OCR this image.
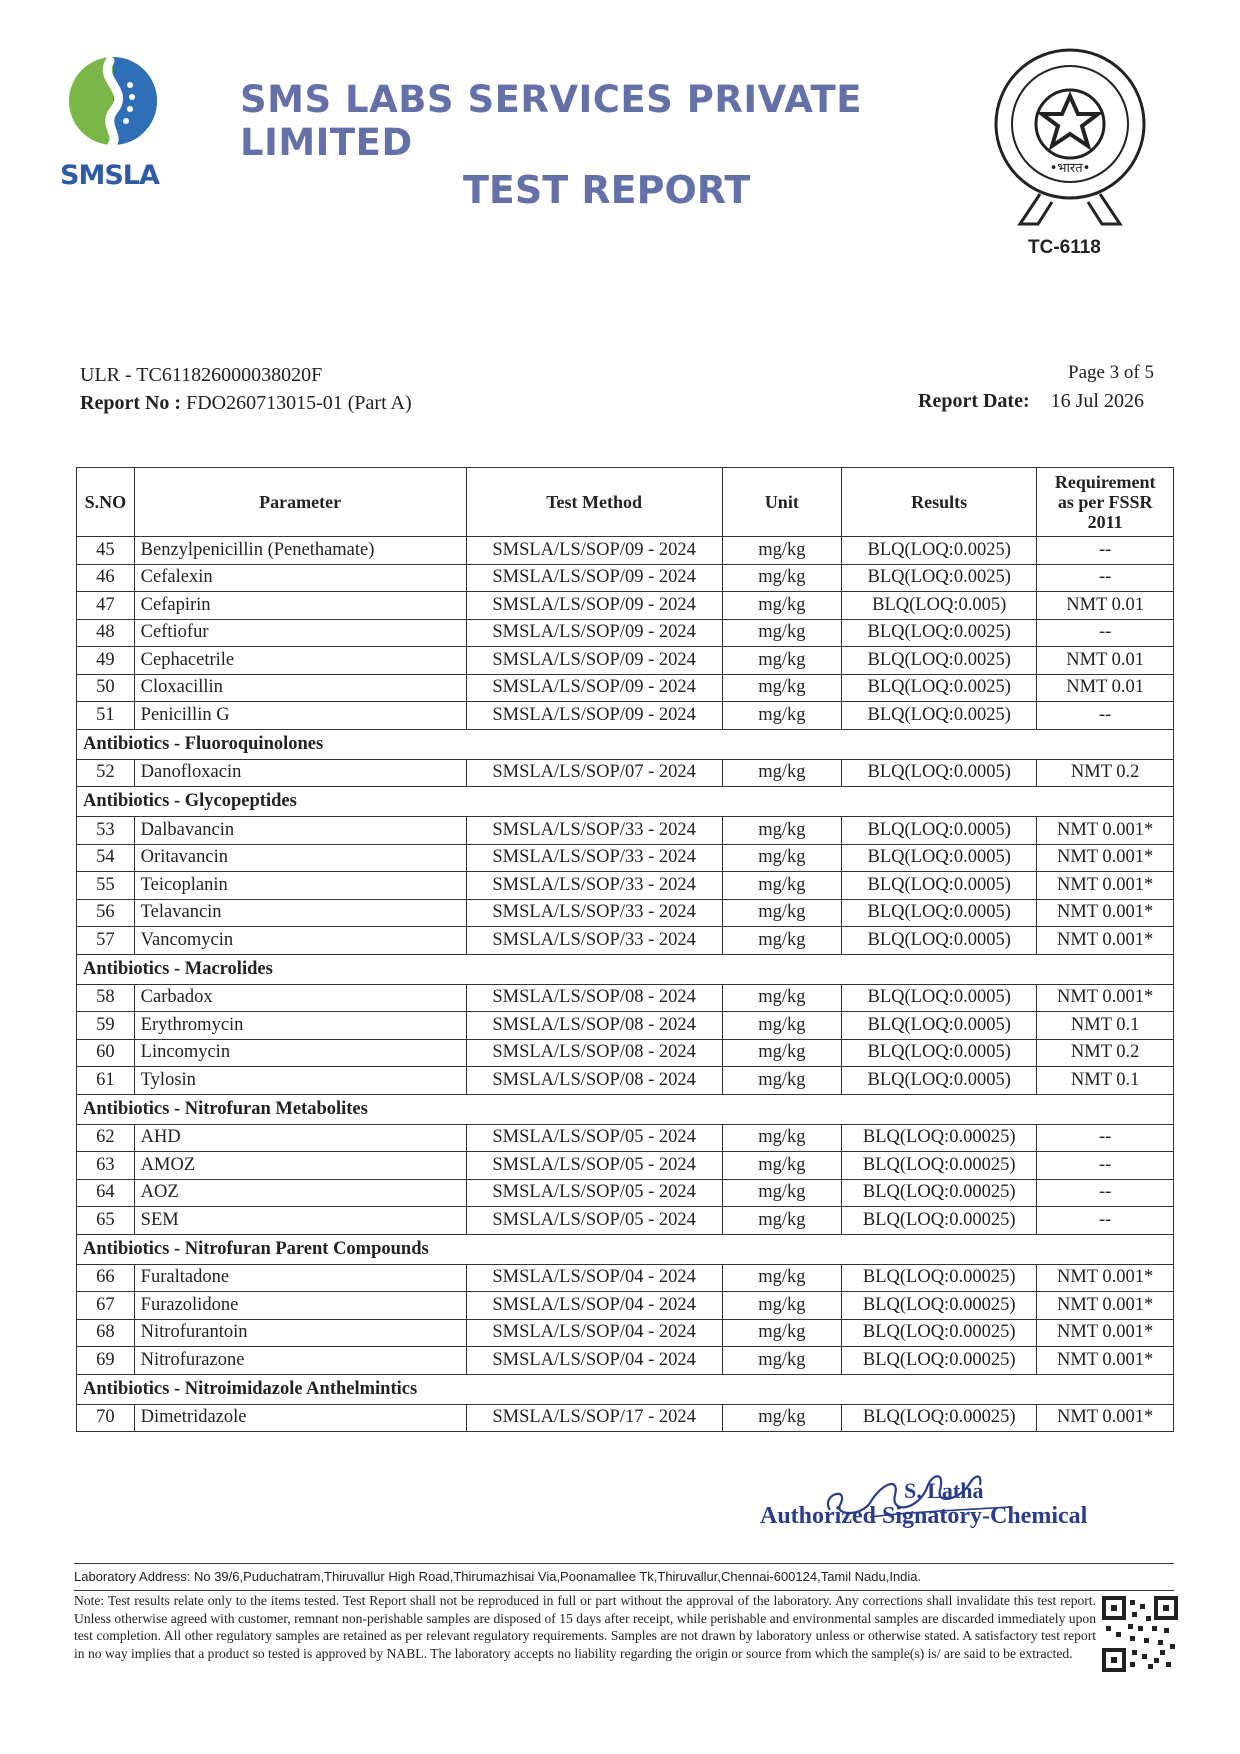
SMSLA
SMS LABS SERVICES PRIVATE LIMITED
TEST REPORT	•भारत•
TC-6118
ULR - TC611826000038020F
Report No : FDO260713015-01 (Part A)
Page 3 of 5
Report Date: 16 Jul 2026
S.NO	Parameter	Test Method	Unit	Results	Requirement
as per FSSR
2011
45	Benzylpenicillin (Penethamate)	SMSLA/LS/SOP/09 - 2024	mg/kg	BLQ(LOQ:0.0025)	--
46	Cefalexin	SMSLA/LS/SOP/09 - 2024	mg/kg	BLQ(LOQ:0.0025)	--
47	Cefapirin	SMSLA/LS/SOP/09 - 2024	mg/kg	BLQ(LOQ:0.005)	NMT 0.01
48	Ceftiofur	SMSLA/LS/SOP/09 - 2024	mg/kg	BLQ(LOQ:0.0025)	--
49	Cephacetrile	SMSLA/LS/SOP/09 - 2024	mg/kg	BLQ(LOQ:0.0025)	NMT 0.01
50	Cloxacillin	SMSLA/LS/SOP/09 - 2024	mg/kg	BLQ(LOQ:0.0025)	NMT 0.01
51	Penicillin G	SMSLA/LS/SOP/09 - 2024	mg/kg	BLQ(LOQ:0.0025)	--
Antibiotics - Fluoroquinolones					
52	Danofloxacin	SMSLA/LS/SOP/07 - 2024	mg/kg	BLQ(LOQ:0.0005)	NMT 0.2
Antibiotics - Glycopeptides					
53	Dalbavancin	SMSLA/LS/SOP/33 - 2024	mg/kg	BLQ(LOQ:0.0005)	NMT 0.001*
54	Oritavancin	SMSLA/LS/SOP/33 - 2024	mg/kg	BLQ(LOQ:0.0005)	NMT 0.001*
55	Teicoplanin	SMSLA/LS/SOP/33 - 2024	mg/kg	BLQ(LOQ:0.0005)	NMT 0.001*
56	Telavancin	SMSLA/LS/SOP/33 - 2024	mg/kg	BLQ(LOQ:0.0005)	NMT 0.001*
57	Vancomycin	SMSLA/LS/SOP/33 - 2024	mg/kg	BLQ(LOQ:0.0005)	NMT 0.001*
Antibiotics - Macrolides					
58	Carbadox	SMSLA/LS/SOP/08 - 2024	mg/kg	BLQ(LOQ:0.0005)	NMT 0.001*
59	Erythromycin	SMSLA/LS/SOP/08 - 2024	mg/kg	BLQ(LOQ:0.0005)	NMT 0.1
60	Lincomycin	SMSLA/LS/SOP/08 - 2024	mg/kg	BLQ(LOQ:0.0005)	NMT 0.2
61	Tylosin	SMSLA/LS/SOP/08 - 2024	mg/kg	BLQ(LOQ:0.0005)	NMT 0.1
Antibiotics - Nitrofuran Metabolites					
62	AHD	SMSLA/LS/SOP/05 - 2024	mg/kg	BLQ(LOQ:0.00025)	--
63	AMOZ	SMSLA/LS/SOP/05 - 2024	mg/kg	BLQ(LOQ:0.00025)	--
64	AOZ	SMSLA/LS/SOP/05 - 2024	mg/kg	BLQ(LOQ:0.00025)	--
65	SEM	SMSLA/LS/SOP/05 - 2024	mg/kg	BLQ(LOQ:0.00025)	--
Antibiotics - Nitrofuran Parent Compounds					
66	Furaltadone	SMSLA/LS/SOP/04 - 2024	mg/kg	BLQ(LOQ:0.00025)	NMT 0.001*
67	Furazolidone	SMSLA/LS/SOP/04 - 2024	mg/kg	BLQ(LOQ:0.00025)	NMT 0.001*
68	Nitrofurantoin	SMSLA/LS/SOP/04 - 2024	mg/kg	BLQ(LOQ:0.00025)	NMT 0.001*
69	Nitrofurazone	SMSLA/LS/SOP/04 - 2024	mg/kg	BLQ(LOQ:0.00025)	NMT 0.001*
Antibiotics - Nitroimidazole Anthelmintics					
70	Dimetridazole	SMSLA/LS/SOP/17 - 2024	mg/kg	BLQ(LOQ:0.00025)	NMT 0.001*
S. Latha
Authorized Signatory-Chemical
Laboratory Address: No 39/6,Puduchatram,Thiruvallur High Road,Thirumazhisai Via,Poonamallee Tk,Thiruvallur,Chennai-600124,Tamil Nadu,India.
Note: Test results relate only to the items tested. Test Report shall not be reproduced in full or part without the approval of the laboratory. Any corrections shall invalidate this test report. Unless otherwise agreed with customer, remnant non-perishable samples are disposed of 15 days after receipt, while perishable and environmental samples are discarded immediately upon test completion. All other regulatory samples are retained as per relevant regulatory requirements. Samples are not drawn by laboratory unless or otherwise stated. A satisfactory test report in no way implies that a product so tested is approved by NABL. The laboratory accepts no liability regarding the origin or source from which the sample(s) is/ are said to be extracted.
